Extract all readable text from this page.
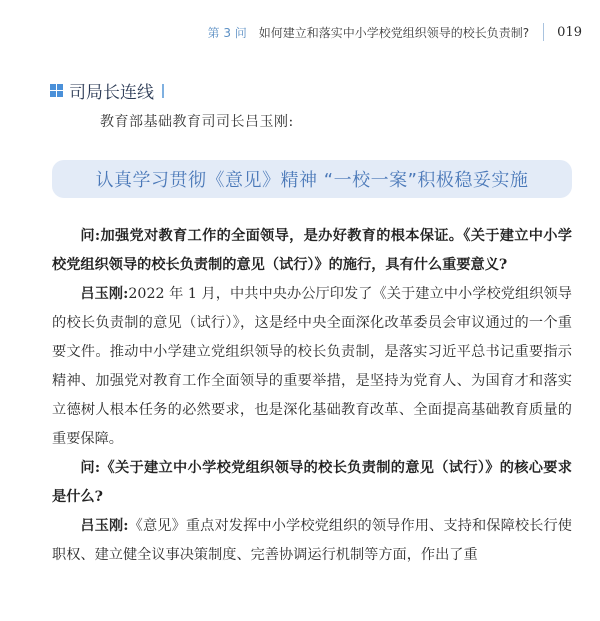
第 3 问 如何建立和落实中小学校党组织领导的校长负责制? 019
司局长连线
教育部基础教育司司长吕玉刚:
认真学习贯彻《意见》精神 “一校一案”积极稳妥实施

问:加强党对教育工作的全面领导，是办好教育的根本保证。《关于建立中小学校党组织领导的校长负责制的意见（试行）》的施行，具有什么重要意义?

吕玉刚:2022 年 1 月，中共中央办公厅印发了《关于建立中小学校党组织领导的校长负责制的意见（试行）》，这是经中央全面深化改革委员会审议通过的一个重要文件。推动中小学建立党组织领导的校长负责制，是落实习近平总书记重要指示精神、加强党对教育工作全面领导的重要举措，是坚持为党育人、为国育才和落实立德树人根本任务的必然要求，也是深化基础教育改革、全面提高基础教育质量的重要保障。

问:《关于建立中小学校党组织领导的校长负责制的意见（试行）》的核心要求是什么?

吕玉刚:《意见》重点对发挥中小学校党组织的领导作用、支持和保障校长行使职权、建立健全议事决策制度、完善协调运行机制等方面，作出了重
